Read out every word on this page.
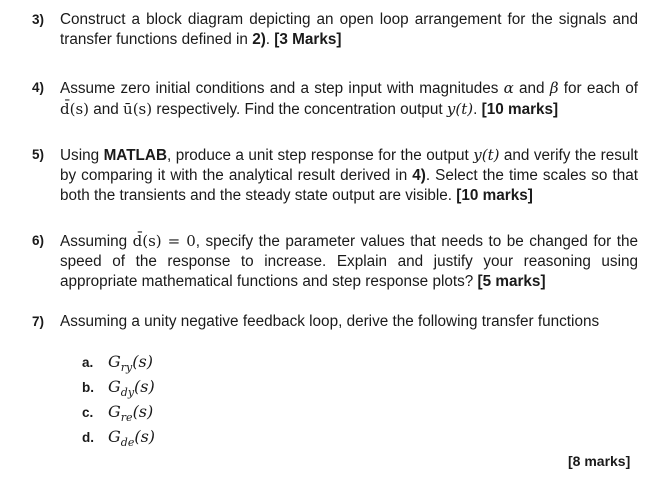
3) Construct a block diagram depicting an open loop arrangement for the signals and transfer functions defined in 2). [3 Marks]
4) Assume zero initial conditions and a step input with magnitudes α and β for each of d̄(s) and ū(s) respectively. Find the concentration output y(t). [10 marks]
5) Using MATLAB, produce a unit step response for the output y(t) and verify the result by comparing it with the analytical result derived in 4). Select the time scales so that both the transients and the steady state output are visible. [10 marks]
6) Assuming d̄(s) = 0, specify the parameter values that needs to be changed for the speed of the response to increase. Explain and justify your reasoning using appropriate mathematical functions and step response plots? [5 marks]
7) Assuming a unity negative feedback loop, derive the following transfer functions
a. $G_{ry}(s)$
b. $G_{dy}(s)$
c. $G_{re}(s)$
d. $G_{de}(s)$
[8 marks]
